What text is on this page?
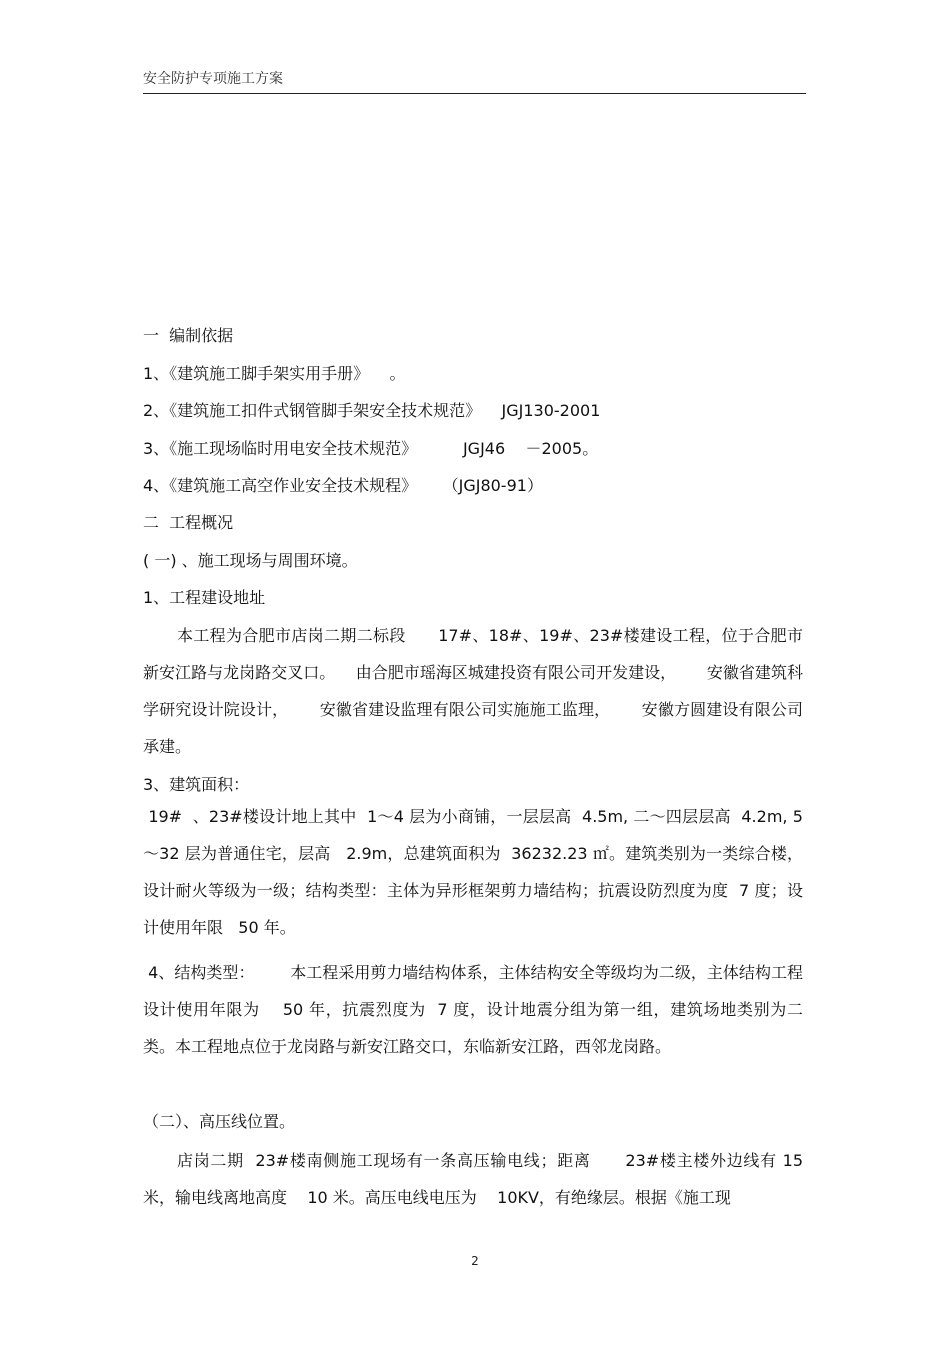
安全防护专项施工方案
一  编制依据
1、《建筑施工脚手架实用手册》    。
2、《建筑施工扣件式钢管脚手架安全技术规范》    JGJ130-2001
3、《施工现场临时用电安全技术规范》         JGJ46    －2005。
4、《建筑施工高空作业安全技术规程》     （JGJ80-91）
二  工程概况
( 一) 、施工现场与周围环境。
1、工程建设地址
本工程为合肥市店岗二期二标段      17#、18#、19#、23#楼建设工程，位于合肥市新安江路与龙岗路交叉口。    由合肥市瑶海区城建投资有限公司开发建设，      安徽省建筑科学研究设计院设计，      安徽省建设监理有限公司实施施工监理，      安徽方圆建设有限公司承建。
3、建筑面积：
19#  、23#楼设计地上其中  1～4 层为小商铺，一层层高  4.5m, 二～四层层高  4.2m, 5～32 层为普通住宅，层高   2.9m，总建筑面积为  36232.23 ㎡。建筑类别为一类综合楼，设计耐火等级为一级；结构类型：主体为异形框架剪力墙结构；抗震设防烈度为度  7 度；设计使用年限   50 年。
4、结构类型：       本工程采用剪力墙结构体系，主体结构安全等级均为二级，主体结构工程设计使用年限为    50 年，抗震烈度为  7 度，设计地震分组为第一组，建筑场地类别为二类。本工程地点位于龙岗路与新安江路交口，东临新安江路，西邻龙岗路。
（二）、高压线位置。
店岗二期  23#楼南侧施工现场有一条高压输电线；距离      23#楼主楼外边线有 15 米，输电线离地高度    10 米。高压电线电压为    10KV，有绝缘层。根据《施工现
2
